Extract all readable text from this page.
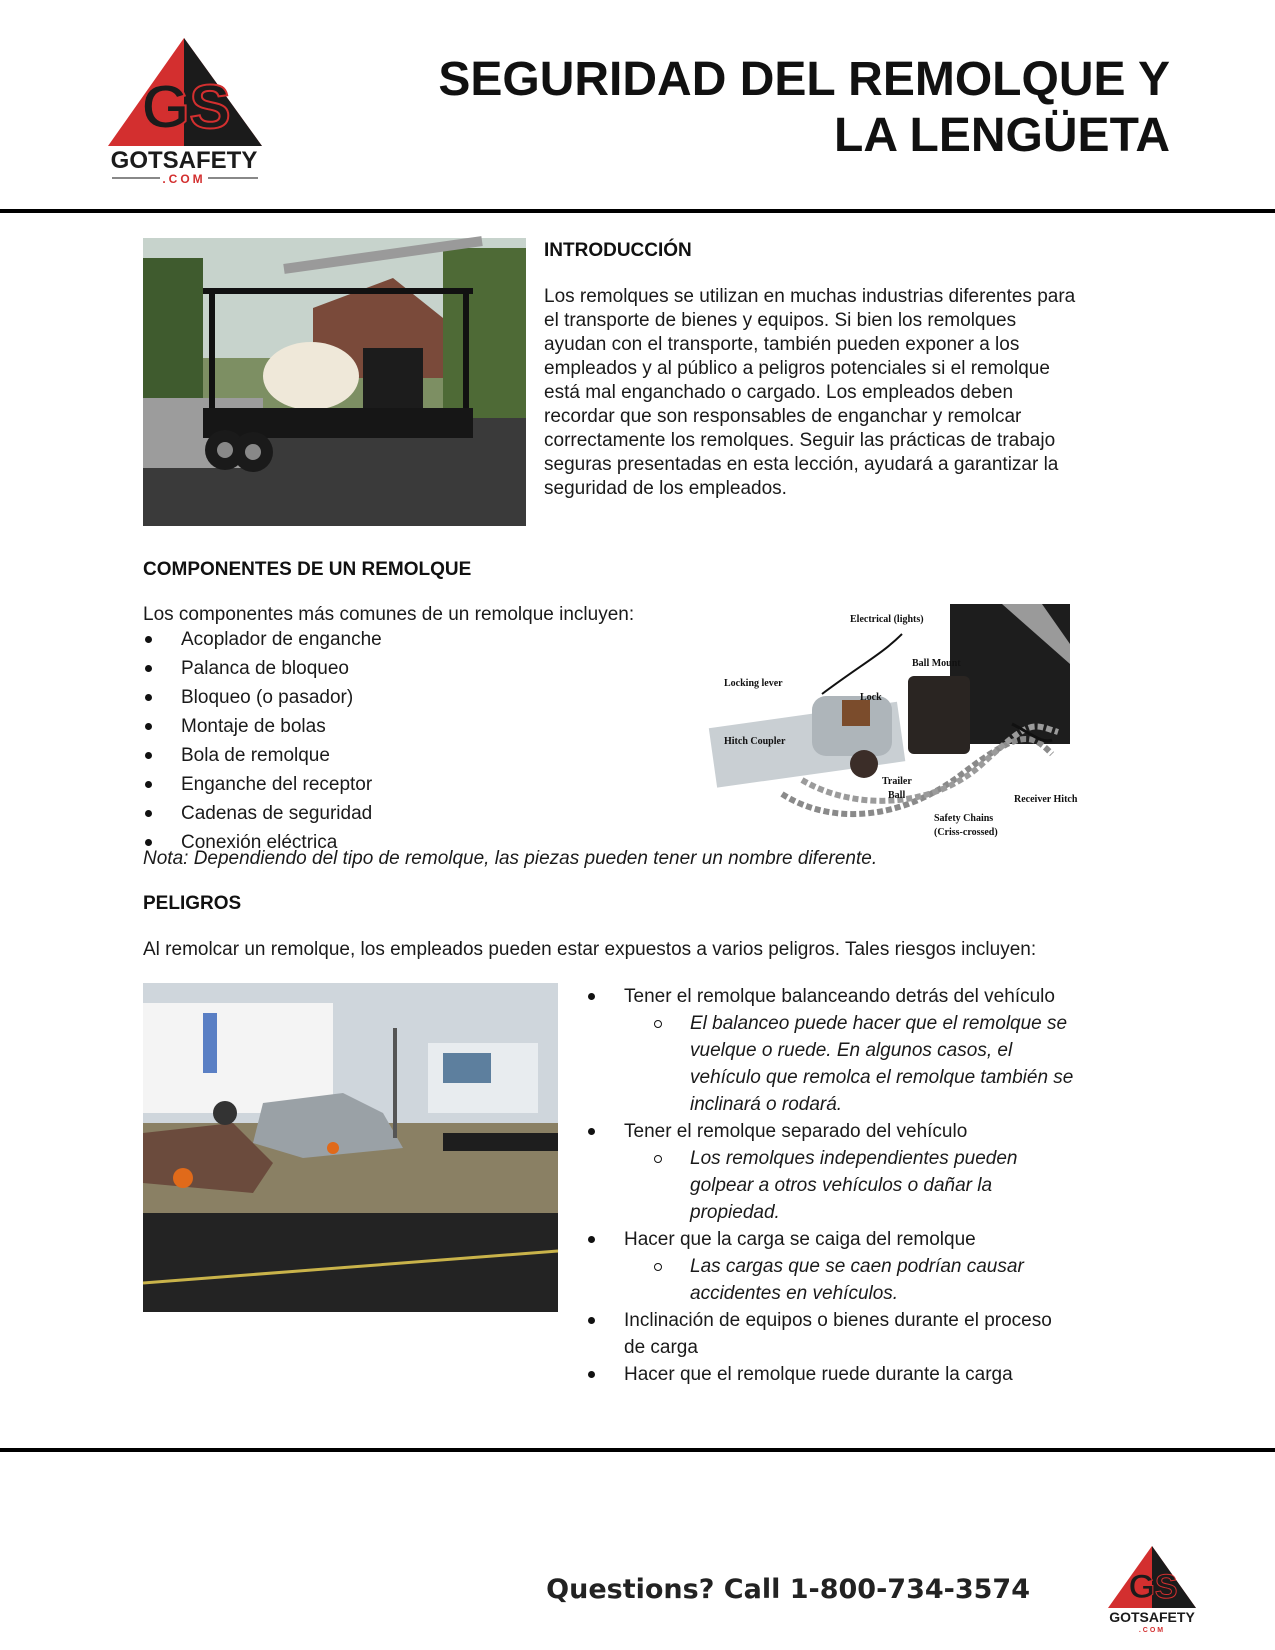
GS
GOTSAFETY
.COM
SEGURIDAD DEL REMOLQUE Y
LA LENGÜETA
INTRODUCCIÓN
Los remolques se utilizan en muchas industrias diferentes para el transporte de bienes y equipos. Si bien los remolques ayudan con el transporte, también pueden exponer a los empleados y al público a peligros potenciales si el remolque está mal enganchado o cargado. Los empleados deben recordar que son responsables de enganchar y remolcar correctamente los remolques. Seguir las prácticas de trabajo seguras presentadas en esta lección, ayudará a garantizar la seguridad de los empleados.
COMPONENTES DE UN REMOLQUE
Los componentes más comunes de un remolque incluyen:
Acoplador de enganche
Palanca de bloqueo
Bloqueo (o pasador)
Montaje de bolas
Bola de remolque
Enganche del receptor
Cadenas de seguridad
Conexión eléctrica
Electrical (lights)
Ball Mount
Locking lever
Lock
Hitch Coupler
Trailer
Ball	Receiver Hitch
Safety Chains
(Criss-crossed)
Nota: Dependiendo del tipo de remolque, las piezas pueden tener un nombre diferente.
PELIGROS
Al remolcar un remolque, los empleados pueden estar expuestos a varios peligros. Tales riesgos incluyen:
Tener el remolque balanceando detrás del vehículo
El balanceo puede hacer que el remolque se vuelque o ruede. En algunos casos, el vehículo que remolca el remolque también se inclinará o rodará.
Tener el remolque separado del vehículo
Los remolques independientes pueden golpear a otros vehículos o dañar la propiedad.
Hacer que la carga se caiga del remolque
Las cargas que se caen podrían causar accidentes en vehículos.
Inclinación de equipos o bienes durante el proceso de carga
Hacer que el remolque ruede durante la carga
Questions? Call 1-800-734-3574	GS
GOTSAFETY
.COM
